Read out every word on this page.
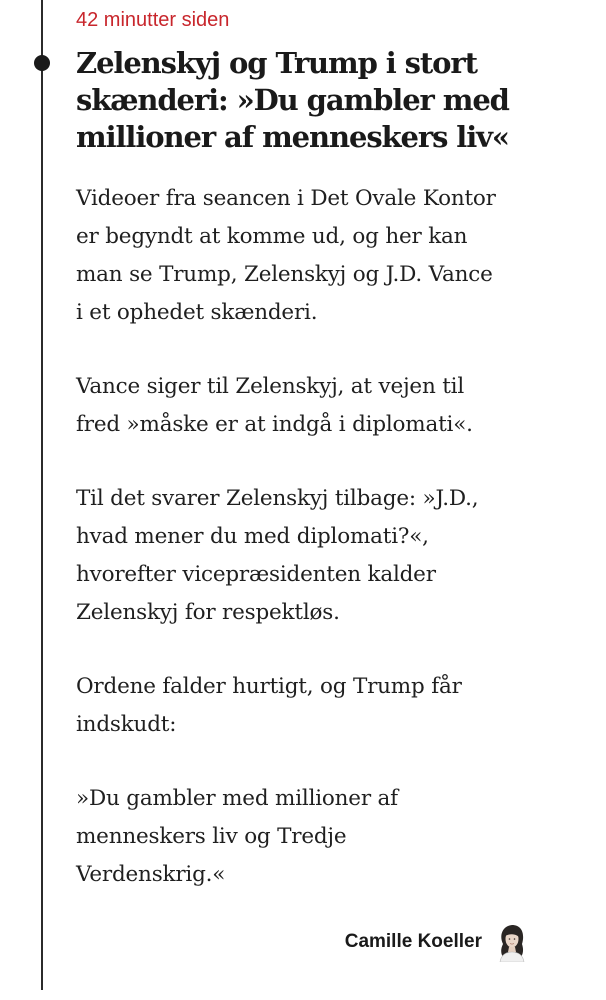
42 minutter siden
Zelenskyj og Trump i stort
skænderi: »Du gambler med
millioner af menneskers liv«

Videoer fra seancen i Det Ovale Kontor
er begyndt at komme ud, og her kan
man se Trump, Zelenskyj og J.D. Vance
i et ophedet skænderi.

Vance siger til Zelenskyj, at vejen til
fred »måske er at indgå i diplomati«.

Til det svarer Zelenskyj tilbage: »J.D.,
hvad mener du med diplomati?«,
hvorefter vicepræsidenten kalder
Zelenskyj for respektløs.

Ordene falder hurtigt, og Trump får
indskudt:

»Du gambler med millioner af
menneskers liv og Tredje
Verdenskrig.«

Camille Koeller
